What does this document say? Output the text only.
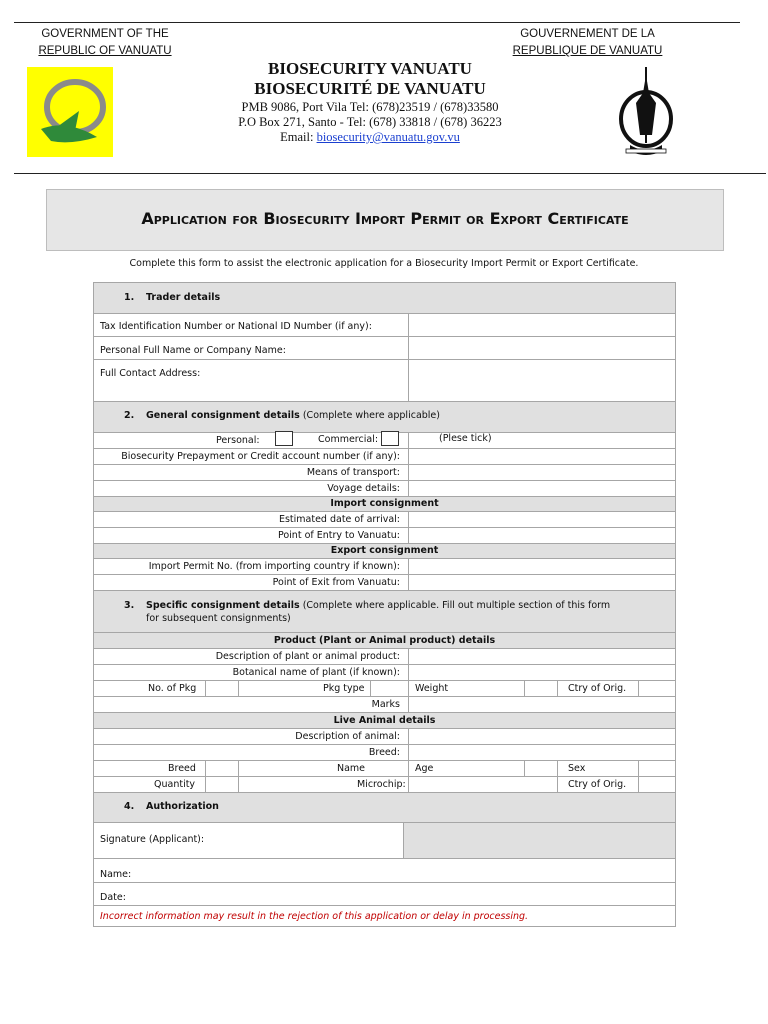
GOVERNMENT OF THE
REPUBLIC OF VANUATU
GOUVERNEMENT DE LA
REPUBLIQUE DE VANUATU
BIOSECURITY VANUATU
BIOSECURITÉ DE VANUATU
PMB 9086, Port Vila Tel: (678)23519 / (678)33580
P.O Box 271, Santo - Tel: (678) 33818 / (678) 36223
Email: biosecurity@vanuatu.gov.vu
Application for Biosecurity Import Permit or Export Certificate
Complete this form to assist the electronic application for a Biosecurity Import Permit or Export Certificate.
1. Trader details
Tax Identification Number or National ID Number (if any):
Personal Full Name or Company Name:
Full Contact Address:
2. General consignment details (Complete where applicable)
Personal:	Commercial:	(Plese tick)
Biosecurity Prepayment or Credit account number (if any):
Means of transport:
Voyage details:
Import consignment
Estimated date of arrival:
Point of Entry to Vanuatu:
Export consignment
Import Permit No. (from importing country if known):
Point of Exit from Vanuatu:
3. Specific consignment details (Complete where applicable. Fill out multiple section of this form
for subsequent consignments)
Product (Plant or Animal product) details
Description of plant or animal product:
Botanical name of plant (if known):
No. of Pkg	Pkg type	Weight	Ctry of Orig.
Marks
Live Animal details
Description of animal:
Breed:
Breed	Name	Age	Sex
Quantity	Microchip:	Ctry of Orig.
4. Authorization
Signature (Applicant):
Name:
Date:
Incorrect information may result in the rejection of this application or delay in processing.
